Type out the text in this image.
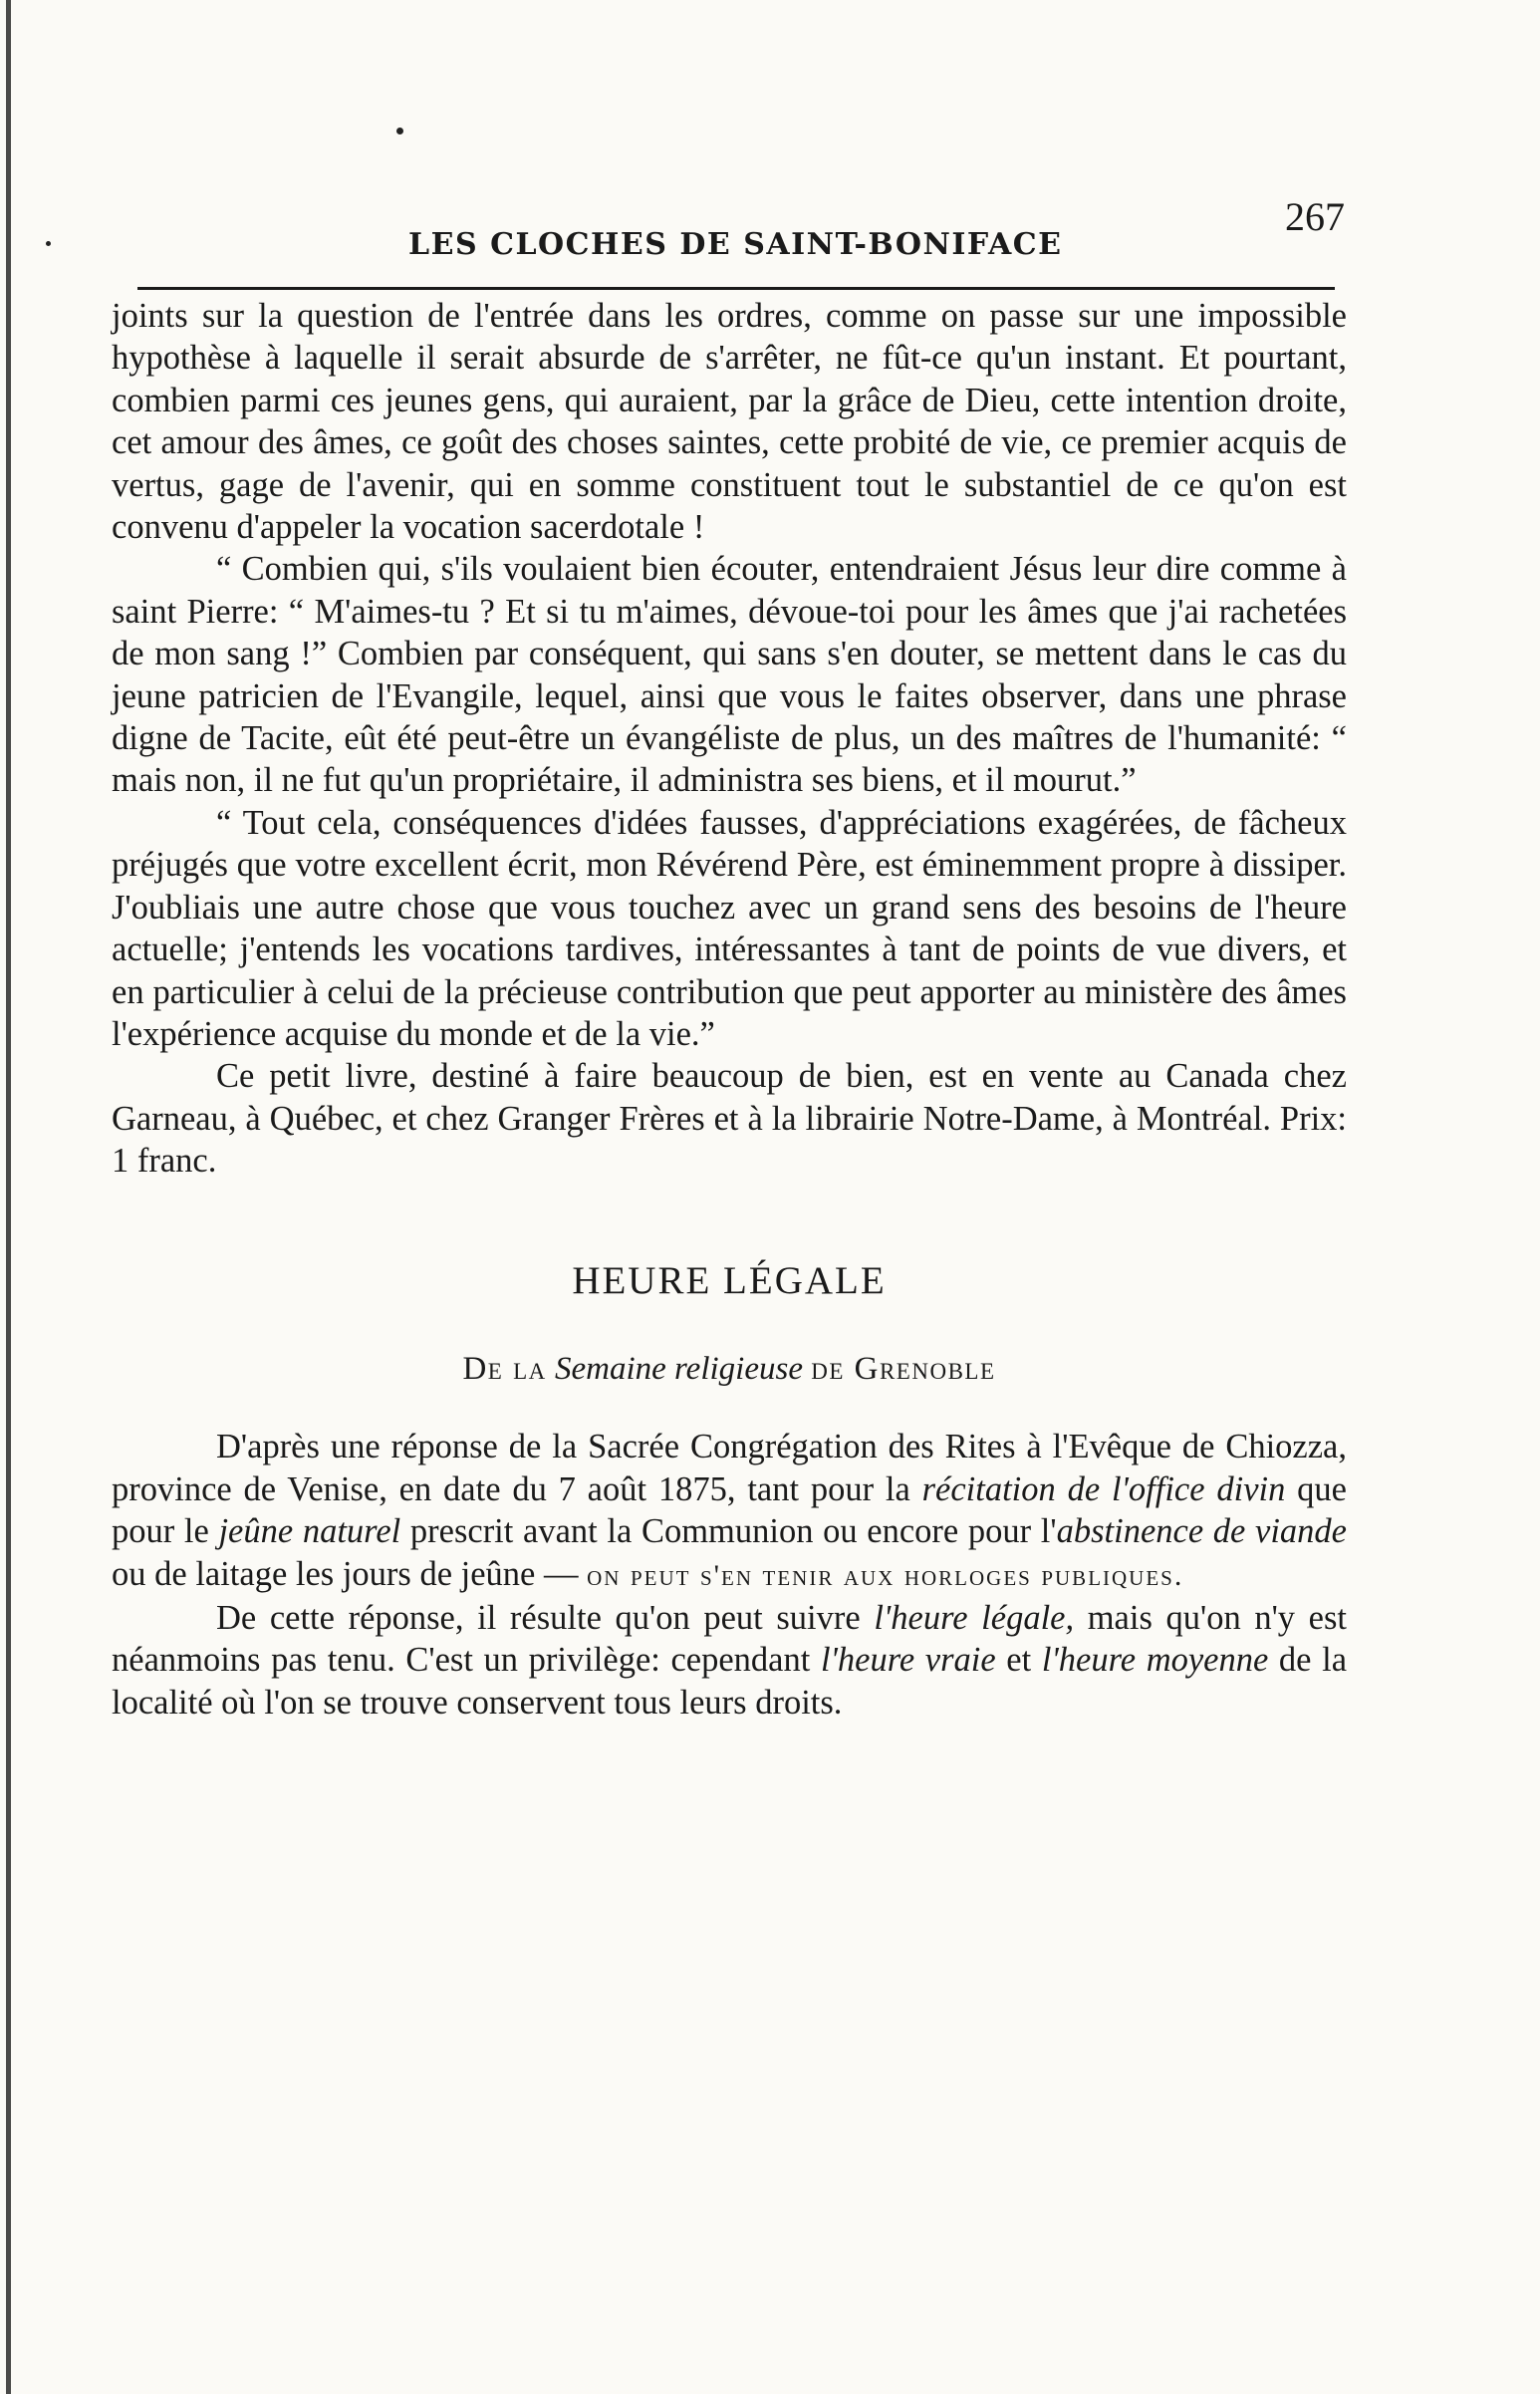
LES CLOCHES DE SAINT-BONIFACE
267

joints sur la question de l'entrée dans les ordres, comme on passe sur une impossible hypothèse à laquelle il serait absurde de s'arrêter, ne fût-ce qu'un instant. Et pourtant, combien parmi ces jeunes gens, qui auraient, par la grâce de Dieu, cette intention droite, cet amour des âmes, ce goût des choses saintes, cette probité de vie, ce premier acquis de vertus, gage de l'avenir, qui en somme constituent tout le substantiel de ce qu'on est convenu d'appeler la vocation sacerdotale !

“ Combien qui, s'ils voulaient bien écouter, entendraient Jésus leur dire comme à saint Pierre: “ M'aimes-tu ? Et si tu m'aimes, dévoue-toi pour les âmes que j'ai rachetées de mon sang !” Combien par conséquent, qui sans s'en douter, se mettent dans le cas du jeune patricien de l'Evangile, lequel, ainsi que vous le faites observer, dans une phrase digne de Tacite, eût été peut-être un évangéliste de plus, un des maîtres de l'humanité: “ mais non, il ne fut qu'un propriétaire, il administra ses biens, et il mourut.”

“ Tout cela, conséquences d'idées fausses, d'appréciations exagérées, de fâcheux préjugés que votre excellent écrit, mon Révérend Père, est éminemment propre à dissiper. J'oubliais une autre chose que vous touchez avec un grand sens des besoins de l'heure actuelle; j'entends les vocations tardives, intéressantes à tant de points de vue divers, et en particulier à celui de la précieuse contribution que peut apporter au ministère des âmes l'expérience acquise du monde et de la vie.”

Ce petit livre, destiné à faire beaucoup de bien, est en vente au Canada chez Garneau, à Québec, et chez Granger Frères et à la librairie Notre-Dame, à Montréal. Prix: 1 franc.

HEURE LÉGALE

De la Semaine religieuse de Grenoble

D'après une réponse de la Sacrée Congrégation des Rites à l'Evêque de Chiozza, province de Venise, en date du 7 août 1875, tant pour la récitation de l'office divin que pour le jeûne naturel prescrit avant la Communion ou encore pour l'abstinence de viande ou de laitage les jours de jeûne — on peut s'en tenir aux horloges publiques.

De cette réponse, il résulte qu'on peut suivre l'heure légale, mais qu'on n'y est néanmoins pas tenu. C'est un privilège: cependant l'heure vraie et l'heure moyenne de la localité où l'on se trouve conservent tous leurs droits.
